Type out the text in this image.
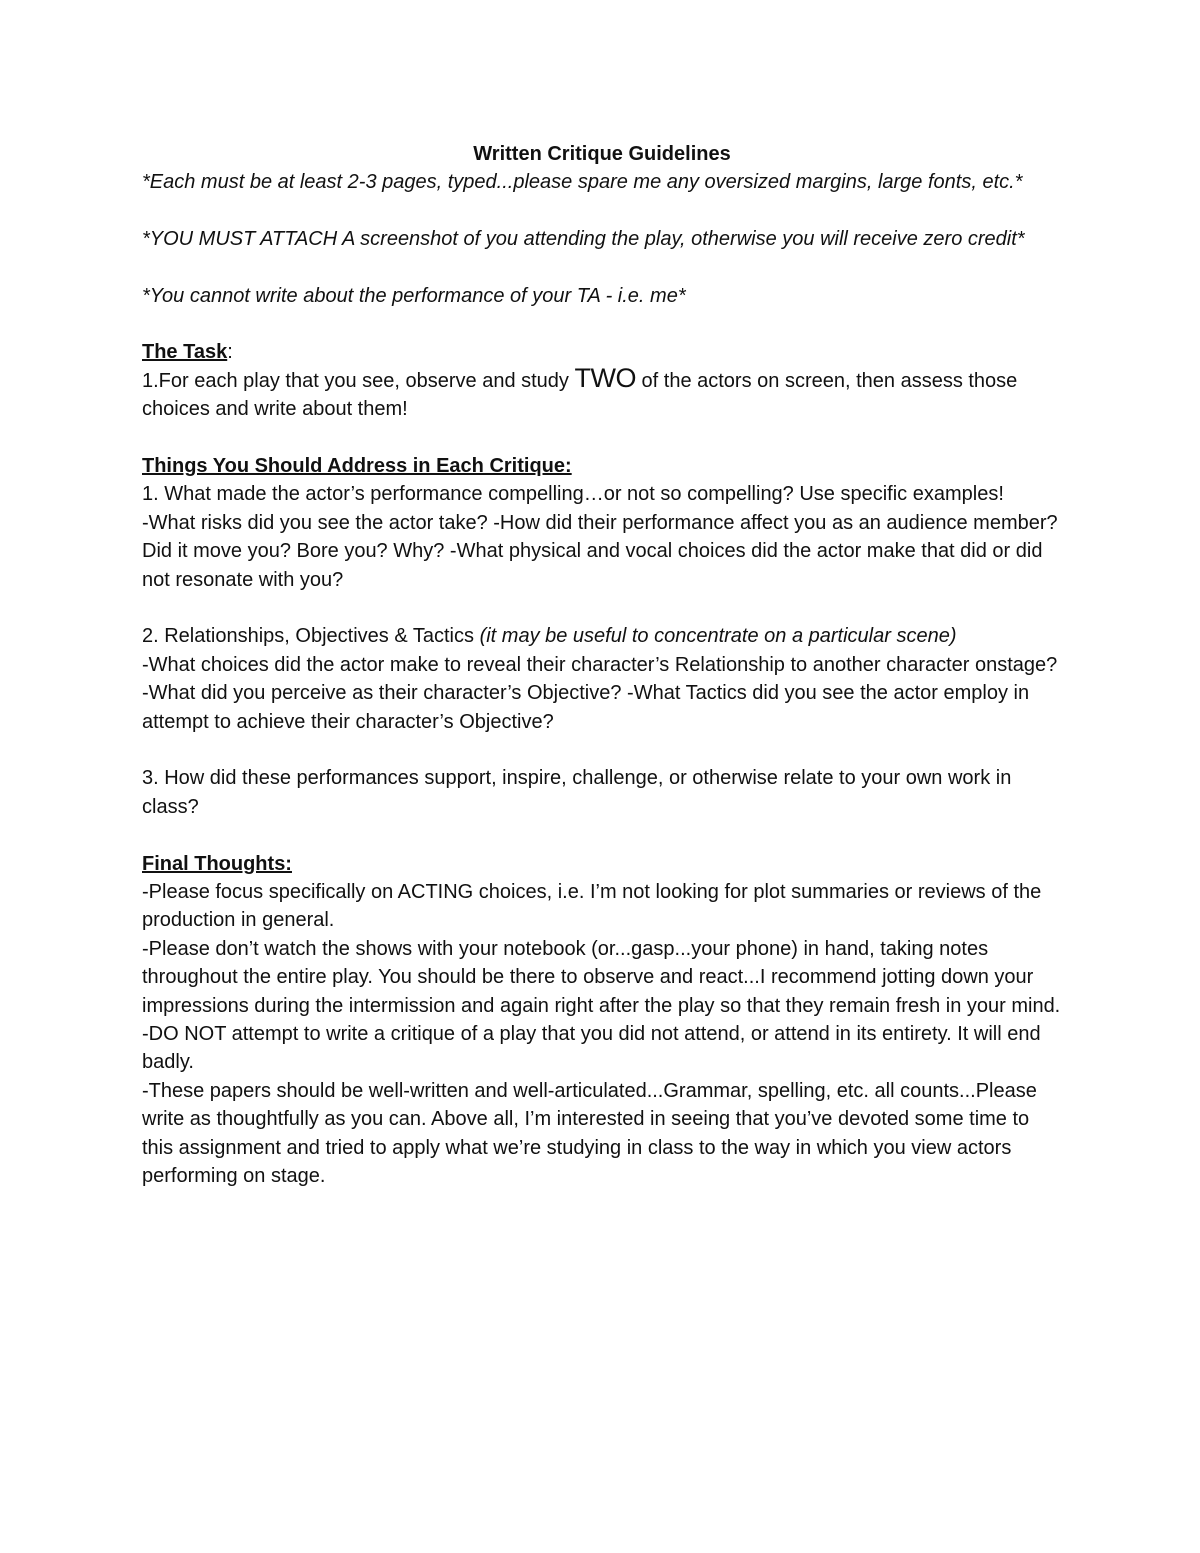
Written Critique Guidelines

*Each must be at least 2-3 pages, typed...please spare me any oversized margins, large fonts, etc.*

*YOU MUST ATTACH A screenshot of you attending the play, otherwise you will receive zero credit*

*You cannot write about the performance of your TA - i.e. me*

The Task:

1.For each play that you see, observe and study TWO of the actors on screen, then assess those choices and write about them!

Things You Should Address in Each Critique:

1. What made the actor’s performance compelling…or not so compelling? Use specific examples!

-What risks did you see the actor take? -How did their performance affect you as an audience member? Did it move you? Bore you? Why? -What physical and vocal choices did the actor make that did or did not resonate with you?

2. Relationships, Objectives & Tactics (it may be useful to concentrate on a particular scene)

-What choices did the actor make to reveal their character’s Relationship to another character onstage? -What did you perceive as their character’s Objective? -What Tactics did you see the actor employ in attempt to achieve their character’s Objective?

3. How did these performances support, inspire, challenge, or otherwise relate to your own work in class?

Final Thoughts:

-Please focus specifically on ACTING choices, i.e. I’m not looking for plot summaries or reviews of the production in general.

-Please don’t watch the shows with your notebook (or...gasp...your phone) in hand, taking notes throughout the entire play. You should be there to observe and react...I recommend jotting down your impressions during the intermission and again right after the play so that they remain fresh in your mind.

-DO NOT attempt to write a critique of a play that you did not attend, or attend in its entirety. It will end badly.

-These papers should be well-written and well-articulated...Grammar, spelling, etc. all counts...Please write as thoughtfully as you can. Above all, I’m interested in seeing that you’ve devoted some time to this assignment and tried to apply what we’re studying in class to the way in which you view actors performing on stage.
